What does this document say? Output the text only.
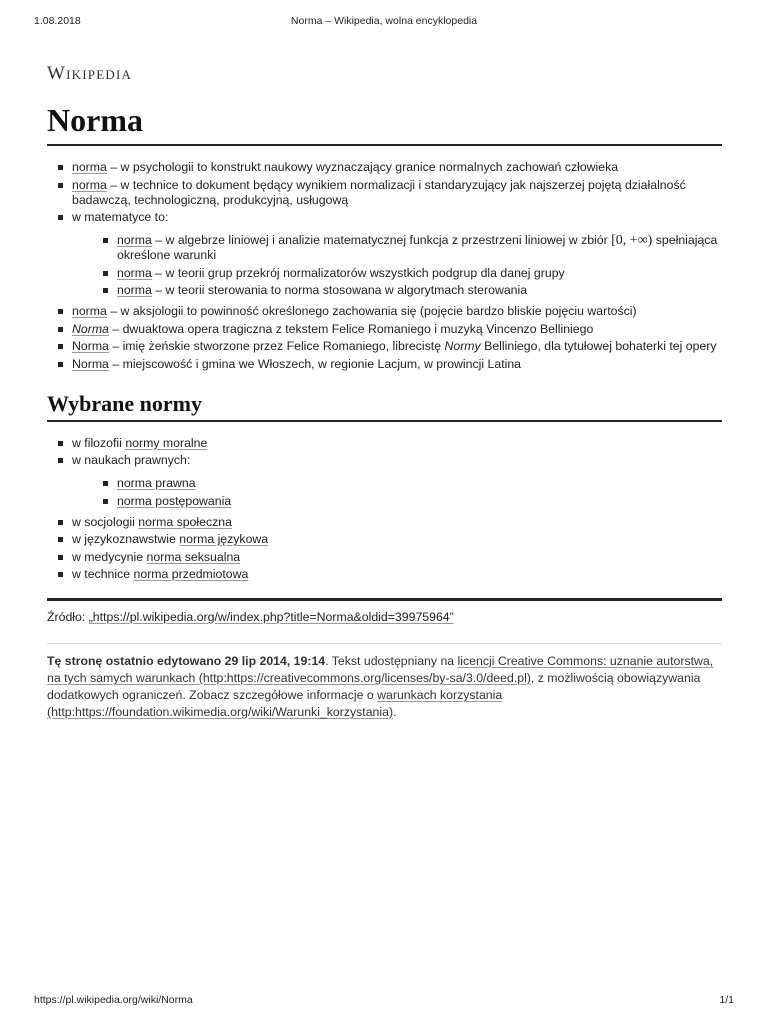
1.08.2018	Norma – Wikipedia, wolna encyklopedia
Wikipedia
Norma
norma – w psychologii to konstrukt naukowy wyznaczający granice normalnych zachowań człowieka
norma – w technice to dokument będący wynikiem normalizacji i standaryzujący jak najszerzej pojętą działalność badawczą, technologiczną, produkcyjną, usługową
w matematyce to:
norma – w algebrze liniowej i analizie matematycznej funkcja z przestrzeni liniowej w zbiór [0, +∞) spełniająca określone warunki
norma – w teorii grup przekrój normalizatorów wszystkich podgrup dla danej grupy
norma – w teorii sterowania to norma stosowana w algorytmach sterowania
norma – w aksjologii to powinność określonego zachowania się (pojęcie bardzo bliskie pojęciu wartości)
Norma – dwuaktowa opera tragiczna z tekstem Felice Romaniego i muzyką Vincenzo Belliniego
Norma – imię żeńskie stworzone przez Felice Romaniego, librecistę Normy Belliniego, dla tytułowej bohaterki tej opery
Norma – miejscowość i gmina we Włoszech, w regionie Lacjum, w prowincji Latina
Wybrane normy
w filozofii normy moralne
w naukach prawnych:
norma prawna
norma postępowania
w socjologii norma społeczna
w językoznawstwie norma językowa
w medycynie norma seksualna
w technice norma przedmiotowa
Źródło: „https://pl.wikipedia.org/w/index.php?title=Norma&oldid=39975964”
Tę stronę ostatnio edytowano 29 lip 2014, 19:14. Tekst udostępniany na licencji Creative Commons: uznanie autorstwa, na tych samych warunkach (http:https://creativecommons.org/licenses/by-sa/3.0/deed.pl), z możliwością obowiązywania dodatkowych ograniczeń. Zobacz szczegółowe informacje o warunkach korzystania (http:https://foundation.wikimedia.org/wiki/Warunki_korzystania).
https://pl.wikipedia.org/wiki/Norma	1/1
